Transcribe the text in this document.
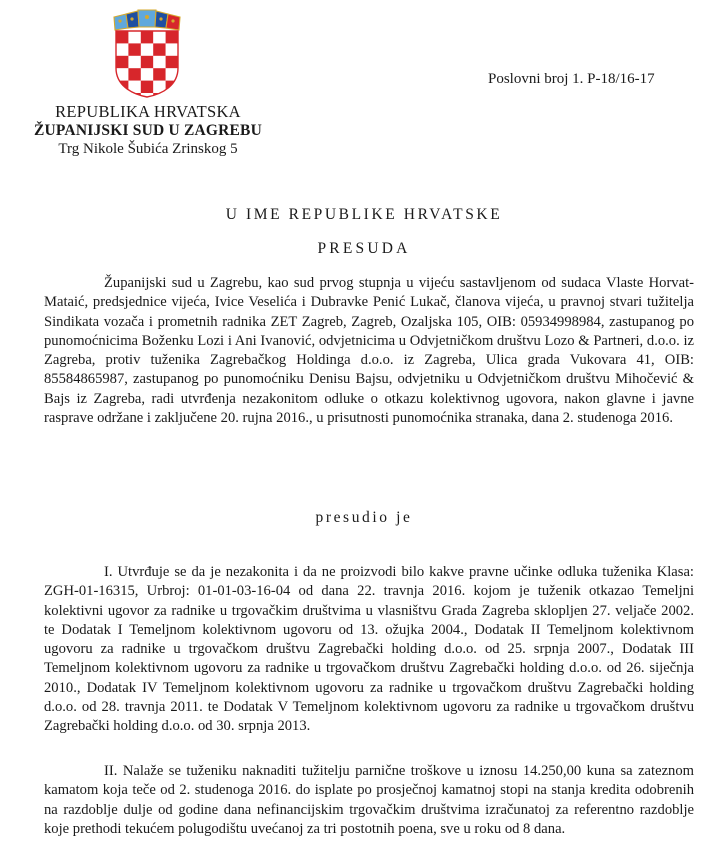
Poslovni broj 1. P-18/16-17
REPUBLIKA HRVATSKA
ŽUPANIJSKI SUD U ZAGREBU
Trg Nikole Šubića Zrinskog 5
U IME REPUBLIKE HRVATSKE
PRESUDA

Županijski sud u Zagrebu, kao sud prvog stupnja u vijeću sastavljenom od sudaca Vlaste Horvat-Mataić, predsjednice vijeća, Ivice Veselića i Dubravke Penić Lukač, članova vijeća, u pravnoj stvari tužitelja Sindikata vozača i prometnih radnika ZET Zagreb, Zagreb, Ozaljska 105, OIB: 05934998984, zastupanog po punomoćnicima Boženku Lozi i Ani Ivanović, odvjetnicima u Odvjetničkom društvu Lozo & Partneri, d.o.o. iz Zagreba, protiv tuženika Zagrebačkog Holdinga d.o.o. iz Zagreba, Ulica grada Vukovara 41, OIB: 85584865987, zastupanog po punomoćniku Denisu Bajsu, odvjetniku u Odvjetničkom društvu Mihočević & Bajs iz Zagreba, radi utvrđenja nezakonitom odluke o otkazu kolektivnog ugovora, nakon glavne i javne rasprave održane i zaključene 20. rujna 2016., u prisutnosti punomoćnika stranaka, dana 2. studenoga 2016.

presudio je

I. Utvrđuje se da je nezakonita i da ne proizvodi bilo kakve pravne učinke odluka tuženika Klasa: ZGH-01-16315, Urbroj: 01-01-03-16-04 od dana 22. travnja 2016. kojom je tuženik otkazao Temeljni kolektivni ugovor za radnike u trgovačkim društvima u vlasništvu Grada Zagreba sklopljen 27. veljače 2002. te Dodatak I Temeljnom kolektivnom ugovoru od 13. ožujka 2004., Dodatak II Temeljnom kolektivnom ugovoru za radnike u trgovačkom društvu Zagrebački holding d.o.o. od 25. srpnja 2007., Dodatak III Temeljnom kolektivnom ugovoru za radnike u trgovačkom društvu Zagrebački holding d.o.o. od 26. siječnja 2010., Dodatak IV Temeljnom kolektivnom ugovoru za radnike u trgovačkom društvu Zagrebački holding d.o.o. od 28. travnja 2011. te Dodatak V Temeljnom kolektivnom ugovoru za radnike u trgovačkom društvu Zagrebački holding d.o.o. od 30. srpnja 2013.

II. Nalaže se tuženiku naknaditi tužitelju parnične troškove u iznosu 14.250,00 kuna sa zateznom kamatom koja teče od 2. studenoga 2016. do isplate po prosječnoj kamatnoj stopi na stanja kredita odobrenih na razdoblje dulje od godine dana nefinancijskim trgovačkim društvima izračunatoj za referentno razdoblje koje prethodi tekućem polugodištu uvećanoj za tri postotnih poena, sve u roku od 8 dana.
